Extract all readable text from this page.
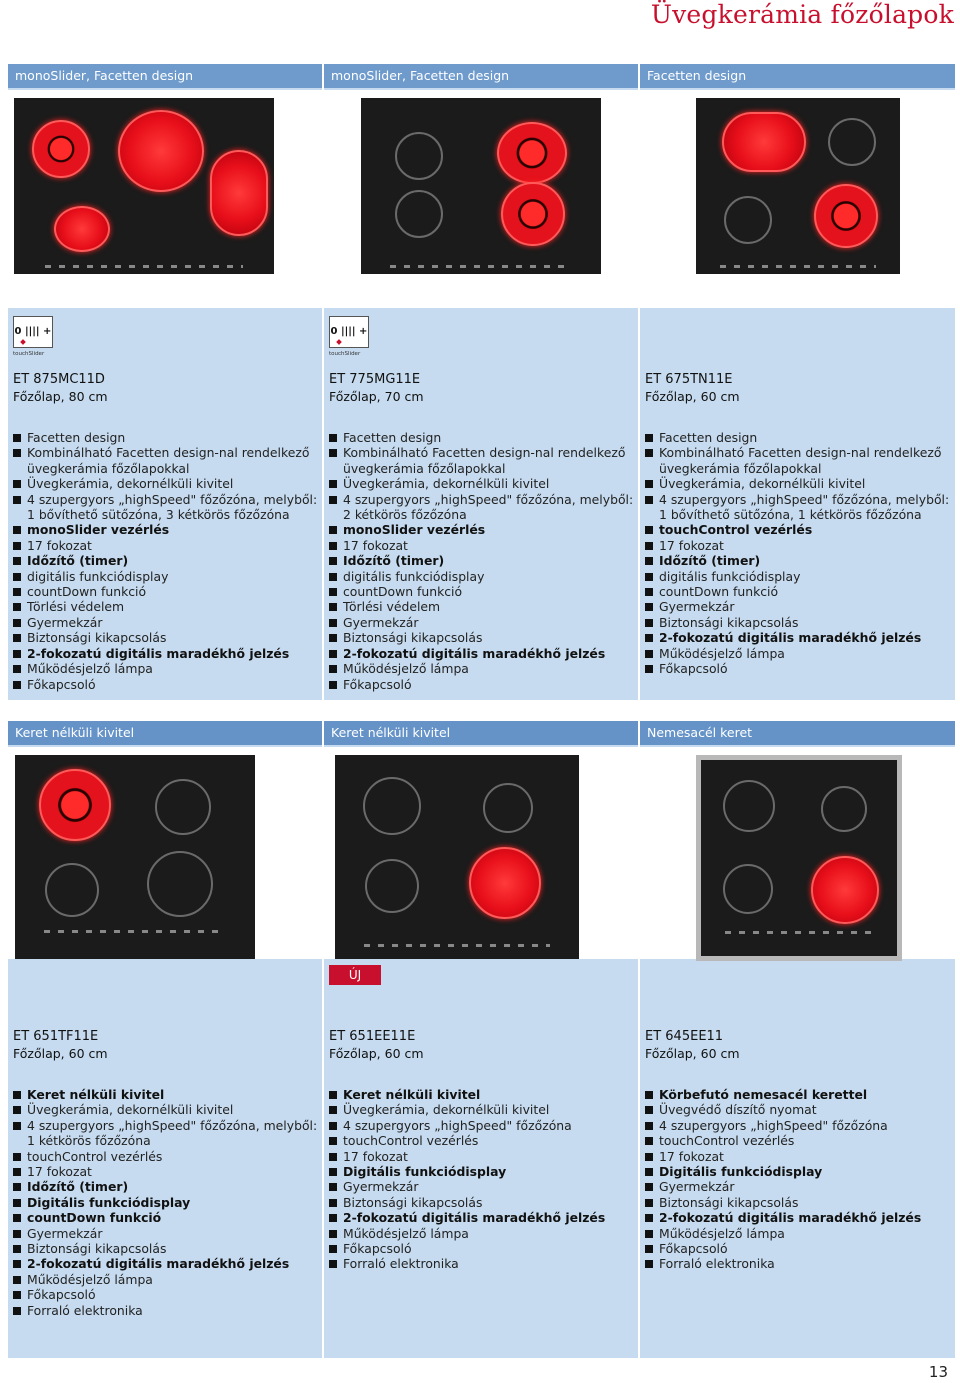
Üvegkerámia főzőlapok
monoSlider, Facetten design
0 |||| +
touchSlider
ET 875MC11D
Főzőlap, 80 cm
Facetten design
Kombinálható Facetten design-nal rendelkező
üvegkerámia főzőlapokkal
Üvegkerámia, dekornélküli kivitel
4 szupergyors „highSpeed" főzőzóna, melyből:
1 bővíthető sütőzóna, 3 kétkörös főzőzóna
monoSlider vezérlés
17 fokozat
Időzítő (timer)
digitális funkciódisplay
countDown funkció
Törlési védelem
Gyermekzár
Biztonsági kikapcsolás
2-fokozatú digitális maradékhő jelzés
Működésjelző lámpa
Főkapcsoló
monoSlider, Facetten design
0 |||| +
touchSlider
ET 775MG11E
Főzőlap, 70 cm
Facetten design
Kombinálható Facetten design-nal rendelkező
üvegkerámia főzőlapokkal
Üvegkerámia, dekornélküli kivitel
4 szupergyors „highSpeed" főzőzóna, melyből:
2 kétkörös főzőzóna
monoSlider vezérlés
17 fokozat
Időzítő (timer)
digitális funkciódisplay
countDown funkció
Törlési védelem
Gyermekzár
Biztonsági kikapcsolás
2-fokozatú digitális maradékhő jelzés
Működésjelző lámpa
Főkapcsoló
Facetten design
ET 675TN11E
Főzőlap, 60 cm
Facetten design
Kombinálható Facetten design-nal rendelkező
üvegkerámia főzőlapokkal
Üvegkerámia, dekornélküli kivitel
4 szupergyors „highSpeed" főzőzóna, melyből:
1 bővíthető sütőzóna, 1 kétkörös főzőzóna
touchControl vezérlés
17 fokozat
Időzítő (timer)
digitális funkciódisplay
countDown funkció
Gyermekzár
Biztonsági kikapcsolás
2-fokozatú digitális maradékhő jelzés
Működésjelző lámpa
Főkapcsoló
Keret nélküli kivitel
ET 651TF11E
Főzőlap, 60 cm
Keret nélküli kivitel
Üvegkerámia, dekornélküli kivitel
4 szupergyors „highSpeed" főzőzóna, melyből:
1 kétkörös főzőzóna
touchControl vezérlés
17 fokozat
Időzítő (timer)
Digitális funkciódisplay
countDown funkció
Gyermekzár
Biztonsági kikapcsolás
2-fokozatú digitális maradékhő jelzés
Működésjelző lámpa
Főkapcsoló
Forraló elektronika
Keret nélküli kivitel
ÚJ
ET 651EE11E
Főzőlap, 60 cm
Keret nélküli kivitel
Üvegkerámia, dekornélküli kivitel
4 szupergyors „highSpeed" főzőzóna
touchControl vezérlés
17 fokozat
Digitális funkciódisplay
Gyermekzár
Biztonsági kikapcsolás
2-fokozatú digitális maradékhő jelzés
Működésjelző lámpa
Főkapcsoló
Forraló elektronika
Nemesacél keret
ET 645EE11
Főzőlap, 60 cm
Körbefutó nemesacél kerettel
Üvegvédő díszítő nyomat
4 szupergyors „highSpeed" főzőzóna
touchControl vezérlés
17 fokozat
Digitális funkciódisplay
Gyermekzár
Biztonsági kikapcsolás
2-fokozatú digitális maradékhő jelzés
Működésjelző lámpa
Főkapcsoló
Forraló elektronika
13
